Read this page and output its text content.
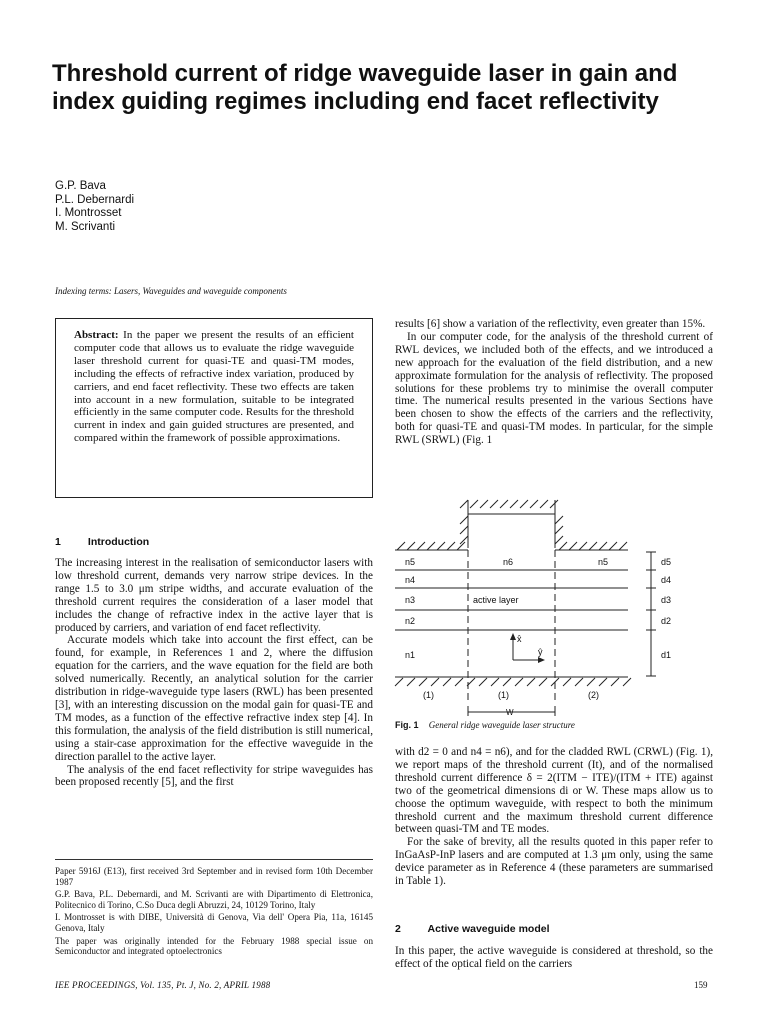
Threshold current of ridge waveguide laser in gain and index guiding regimes including end facet reflectivity
G.P. Bava
P.L. Debernardi
I. Montrosset
M. Scrivanti
Indexing terms: Lasers, Waveguides and waveguide components
Abstract: In the paper we present the results of an efficient computer code that allows us to evaluate the ridge waveguide laser threshold current for quasi-TE and quasi-TM modes, including the effects of refractive index variation, produced by carriers, and end facet reflectivity. These two effects are taken into account in a new formulation, suitable to be integrated efficiently in the same computer code. Results for the threshold current in index and gain guided structures are presented, and compared within the framework of possible approximations.
1	Introduction

The increasing interest in the realisation of semiconductor lasers with low threshold current, demands very narrow stripe devices. In the range 1.5 to 3.0 μm stripe widths, and accurate evaluation of the threshold current requires the consideration of a laser model that includes the change of refractive index in the active layer that is produced by carriers, and variation of end facet reflectivity.

Accurate models which take into account the first effect, can be found, for example, in References 1 and 2, where the diffusion equation for the carriers, and the wave equation for the field are both solved numerically. Recently, an analytical solution for the carrier distribution in ridge-waveguide type lasers (RWL) has been presented [3], with an interesting discussion on the modal gain for quasi-TE and TM modes, as a function of the effective refractive index step [4]. In this formulation, the analysis of the field distribution is still numerical, using a stair-case approximation for the effective waveguide in the direction parallel to the active layer.

The analysis of the end facet reflectivity for stripe waveguides has been proposed recently [5], and the first

Paper 5916J (E13), first received 3rd September and in revised form 10th December 1987

G.P. Bava, P.L. Debernardi, and M. Scrivanti are with Dipartimento di Elettronica, Politecnico di Torino, C.So Duca degli Abruzzi, 24, 10129 Torino, Italy

I. Montrosset is with DIBE, Università di Genova, Via dell' Opera Pia, 11a, 16145 Genova, Italy

The paper was originally intended for the February 1988 special issue on Semiconductor and integrated optoelectronics

results [6] show a variation of the reflectivity, even greater than 15%.

In our computer code, for the analysis of the threshold current of RWL devices, we included both of the effects, and we introduced a new approach for the evaluation of the field distribution, and a new approximate formulation for the analysis of reflectivity. The proposed solutions for these problems try to minimise the overall computer time. The numerical results presented in the various Sections have been chosen to show the effects of the carriers and the reflectivity, both for quasi-TE and quasi-TM modes. In particular, for the simple RWL (SRWL) (Fig. 1

n5
n4
n3
n2
n1
n6	n5
active layer
x̂
ŷ
d5
d4
d3
d2
d1
(1)	(1)	(2)
W
Fig. 1 General ridge waveguide laser structure

with d2 = 0 and n4 = n6), and for the cladded RWL (CRWL) (Fig. 1), we report maps of the threshold current (It), and of the normalised threshold current difference δ = 2(ITM − ITE)/(ITM + ITE) against two of the geometrical dimensions di or W. These maps allow us to choose the optimum waveguide, with respect to both the minimum threshold current and the maximum threshold current difference between quasi-TM and TE modes.

For the sake of brevity, all the results quoted in this paper refer to InGaAsP-InP lasers and are computed at 1.3 μm only, using the same device parameter as in Reference 4 (these parameters are summarised in Table 1).

2	Active waveguide model

In this paper, the active waveguide is considered at threshold, so the effect of the optical field on the carriers

IEE PROCEEDINGS, Vol. 135, Pt. J, No. 2, APRIL 1988	159
